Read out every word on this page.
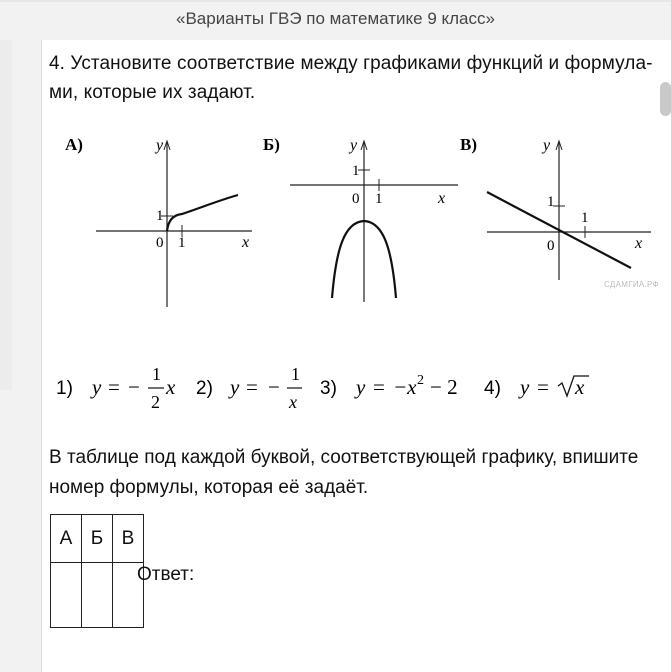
«Варианты ГВЭ по математике 9 класс»
4. Установите соответствие между графиками функций и формула-ми, которые их задают.
А)	y
x
0 1
1
Б)	y
x
0 1
1
В)	y
x
0
1
1
СДАМГИА.РФ
1) y = −
1
2
x 2) y = −
1
x
3) y = −x 2 − 2 4) y = x
В таблице под каждой буквой, соответствующей графику, впишите номер формулы, которая её задаёт.
А	Б	В

Ответ:
